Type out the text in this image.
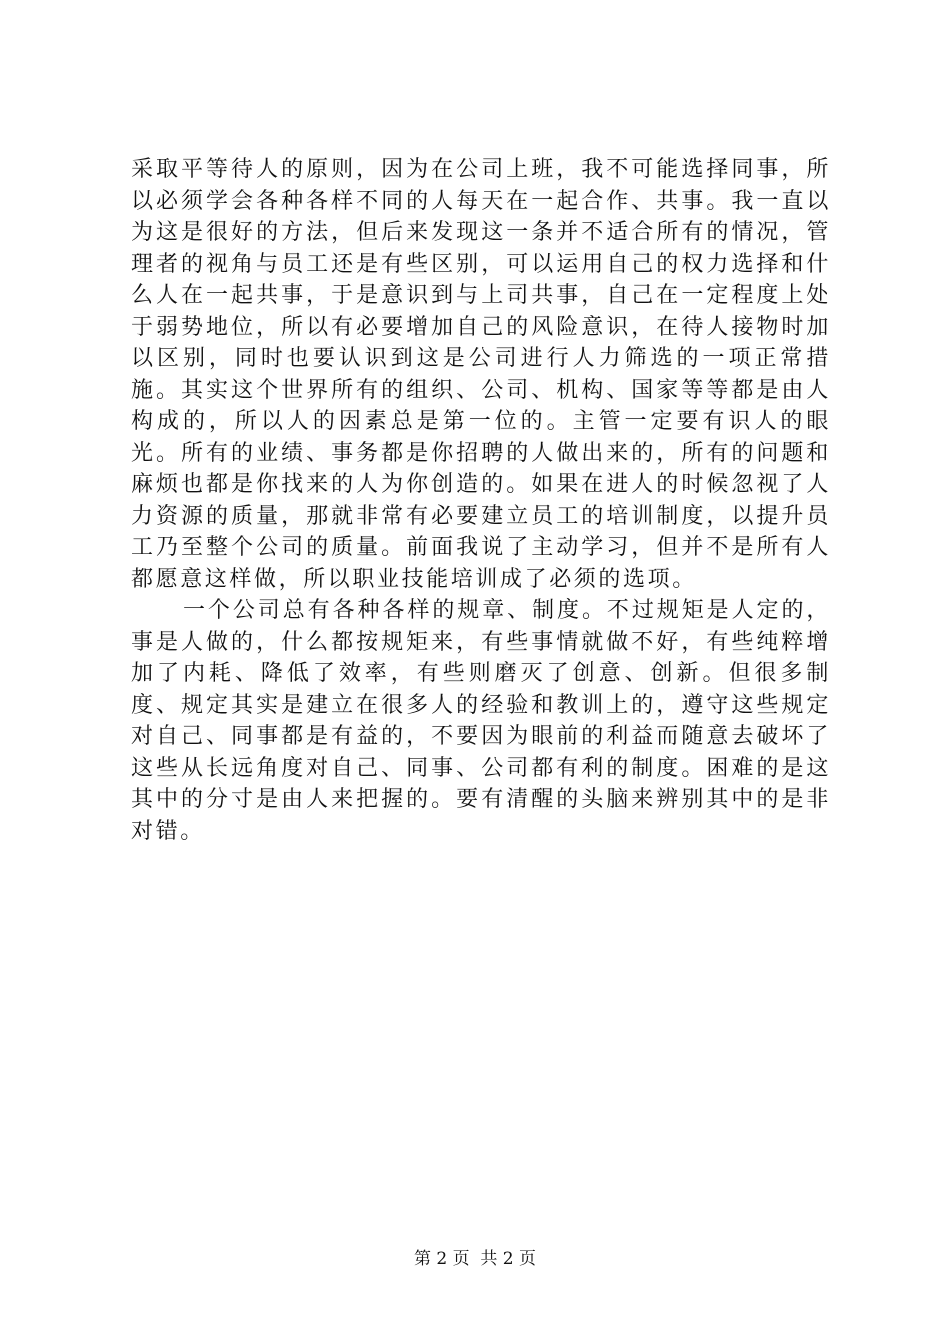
采取平等待人的原则，因为在公司上班，我不可能选择同事，所以必须学会各种各样不同的人每天在一起合作、共事。我一直以为这是很好的方法，但后来发现这一条并不适合所有的情况，管理者的视角与员工还是有些区别，可以运用自己的权力选择和什么人在一起共事，于是意识到与上司共事，自己在一定程度上处于弱势地位，所以有必要增加自己的风险意识，在待人接物时加以区别，同时也要认识到这是公司进行人力筛选的一项正常措施。其实这个世界所有的组织、公司、机构、国家等等都是由人构成的，所以人的因素总是第一位的。主管一定要有识人的眼光。所有的业绩、事务都是你招聘的人做出来的，所有的问题和麻烦也都是你找来的人为你创造的。如果在进人的时候忽视了人力资源的质量，那就非常有必要建立员工的培训制度，以提升员工乃至整个公司的质量。前面我说了主动学习，但并不是所有人都愿意这样做，所以职业技能培训成了必须的选项。

一个公司总有各种各样的规章、制度。不过规矩是人定的，事是人做的，什么都按规矩来，有些事情就做不好，有些纯粹增加了内耗、降低了效率，有些则磨灭了创意、创新。但很多制度、规定其实是建立在很多人的经验和教训上的，遵守这些规定对自己、同事都是有益的，不要因为眼前的利益而随意去破坏了这些从长远角度对自己、同事、公司都有利的制度。困难的是这其中的分寸是由人来把握的。要有清醒的头脑来辨别其中的是非对错。

第 2 页  共 2 页
